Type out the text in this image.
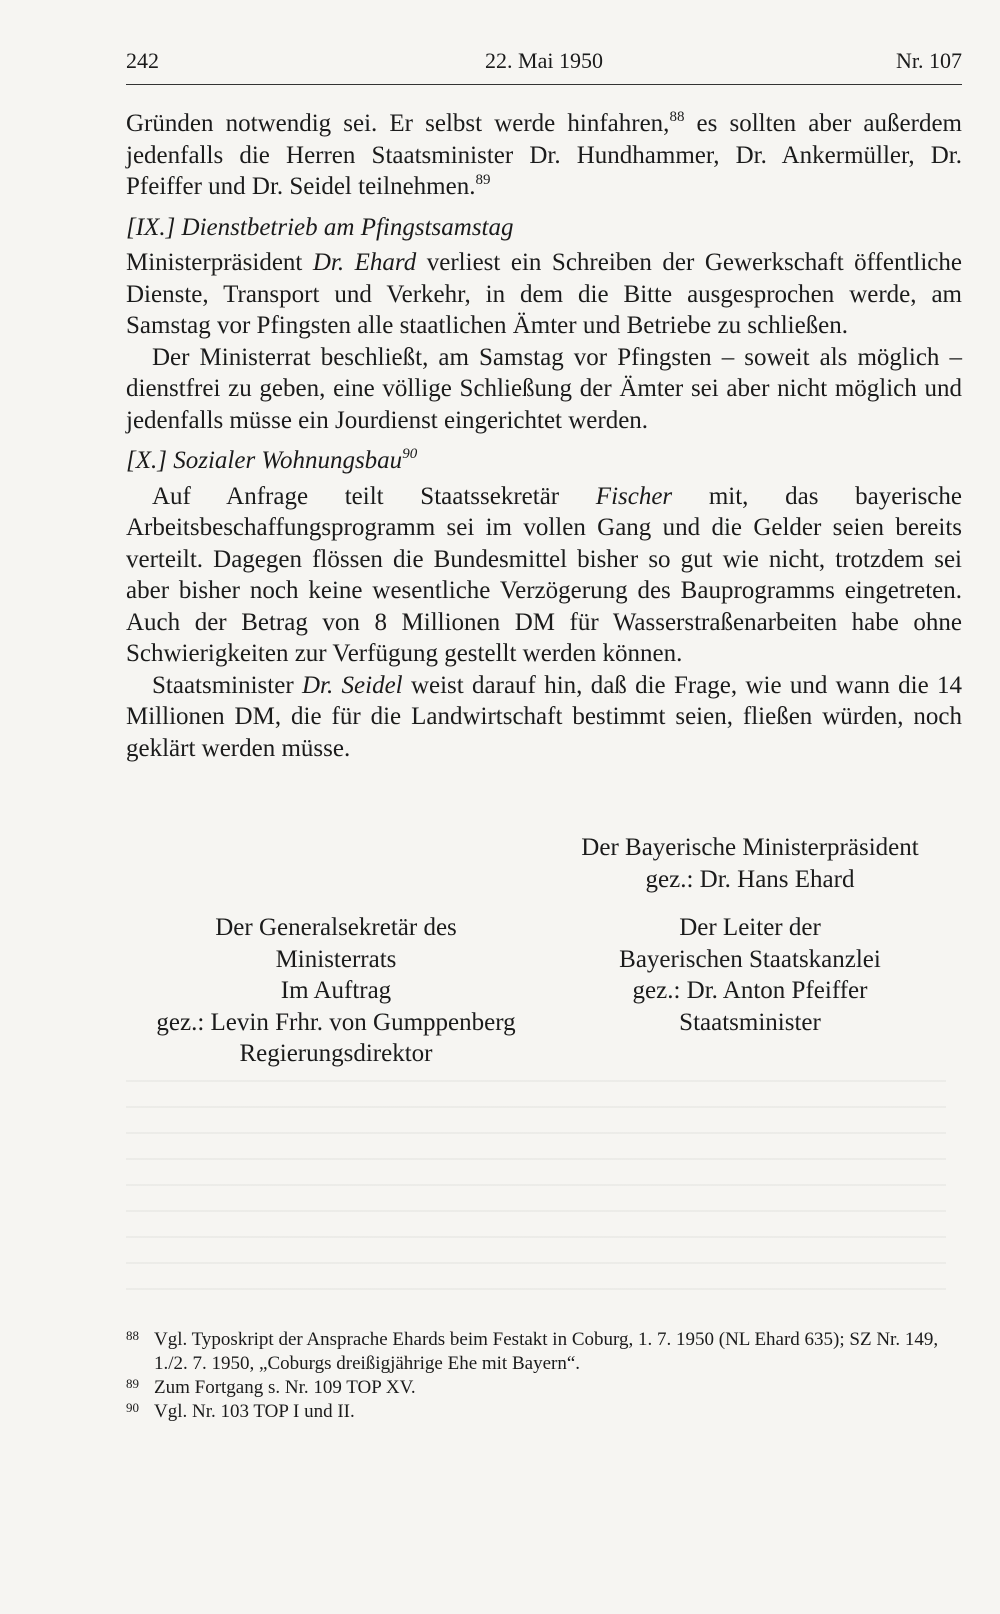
242	22. Mai 1950	Nr. 107

Gründen notwendig sei. Er selbst werde hinfahren,$^{88}$ es sollten aber außerdem jedenfalls die Herren Staatsminister Dr. Hundhammer, Dr. Ankermüller, Dr. Pfeiffer und Dr. Seidel teilnehmen.$^{89}$

[IX.] Dienstbetrieb am Pfingstsamstag

Ministerpräsident Dr. Ehard verliest ein Schreiben der Gewerkschaft öffentliche Dienste, Transport und Verkehr, in dem die Bitte ausgesprochen werde, am Samstag vor Pfingsten alle staatlichen Ämter und Betriebe zu schließen.

Der Ministerrat beschließt, am Samstag vor Pfingsten – soweit als möglich – dienstfrei zu geben, eine völlige Schließung der Ämter sei aber nicht möglich und jedenfalls müsse ein Jourdienst eingerichtet werden.

[X.] Sozialer Wohnungsbau$^{90}$

Auf Anfrage teilt Staatssekretär Fischer mit, das bayerische Arbeitsbeschaffungsprogramm sei im vollen Gang und die Gelder seien bereits verteilt. Dagegen flössen die Bundesmittel bisher so gut wie nicht, trotzdem sei aber bisher noch keine wesentliche Verzögerung des Bauprogramms eingetreten. Auch der Betrag von 8 Millionen DM für Wasserstraßenarbeiten habe ohne Schwierigkeiten zur Verfügung gestellt werden können.

Staatsminister Dr. Seidel weist darauf hin, daß die Frage, wie und wann die 14 Millionen DM, die für die Landwirtschaft bestimmt seien, fließen würden, noch geklärt werden müsse.

Der Bayerische Ministerpräsident
gez.: Dr. Hans Ehard
Der Generalsekretär des
Ministerrats
Im Auftrag
gez.: Levin Frhr. von Gumppenberg
Regierungsdirektor
Der Leiter der
Bayerischen Staatskanzlei
gez.: Dr. Anton Pfeiffer
Staatsminister
88 Vgl. Typoskript der Ansprache Ehards beim Festakt in Coburg, 1. 7. 1950 (NL Ehard 635); SZ Nr. 149, 1./2. 7. 1950, „Coburgs dreißigjährige Ehe mit Bayern“.
89 Zum Fortgang s. Nr. 109 TOP XV.
90 Vgl. Nr. 103 TOP I und II.
